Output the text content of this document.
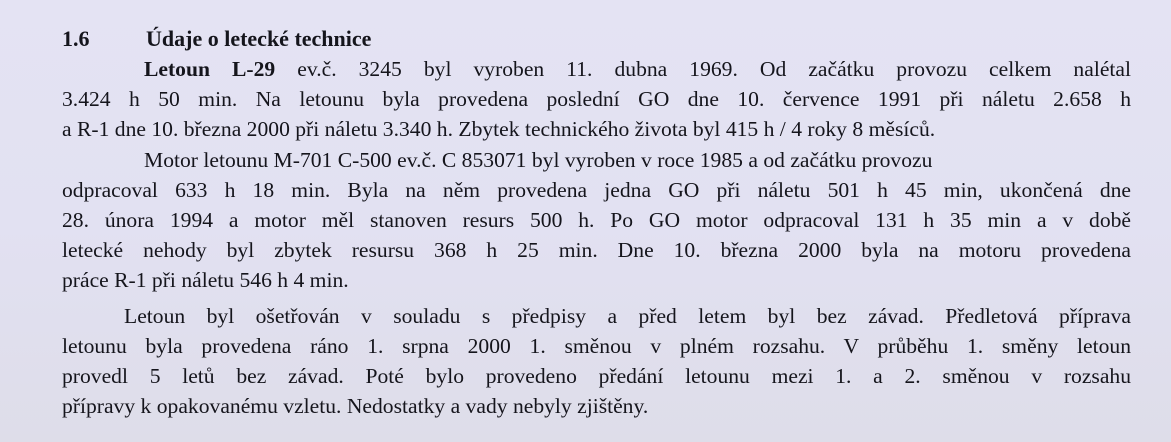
1.6	Údaje o letecké technice

Letoun L-29 ev.č. 3245 byl vyroben 11. dubna 1969. Od začátku provozu celkem nalétal
3.424 h 50 min. Na letounu byla provedena poslední GO dne 10. července 1991 při náletu 2.658 h
a R-1 dne 10. března 2000 při náletu 3.340 h. Zbytek technického života byl 415 h / 4 roky 8 měsíců.

Motor letounu M-701 C-500 ev.č. C 853071 byl vyroben v roce 1985 a od začátku provozu
odpracoval 633 h 18 min. Byla na něm provedena jedna GO při náletu 501 h 45 min, ukončená dne
28. února 1994 a motor měl stanoven resurs 500 h. Po GO motor odpracoval 131 h 35 min a v době
letecké nehody byl zbytek resursu 368 h 25 min. Dne 10. března 2000 byla na motoru provedena
práce R-1 při náletu 546 h 4 min.

Letoun byl ošetřován v souladu s předpisy a před letem byl bez závad. Předletová příprava
letounu byla provedena ráno 1. srpna 2000 1. směnou v plném rozsahu. V průběhu 1. směny letoun
provedl 5 letů bez závad. Poté bylo provedeno předání letounu mezi 1. a 2. směnou v rozsahu
přípravy k opakovanému vzletu. Nedostatky a vady nebyly zjištěny.
